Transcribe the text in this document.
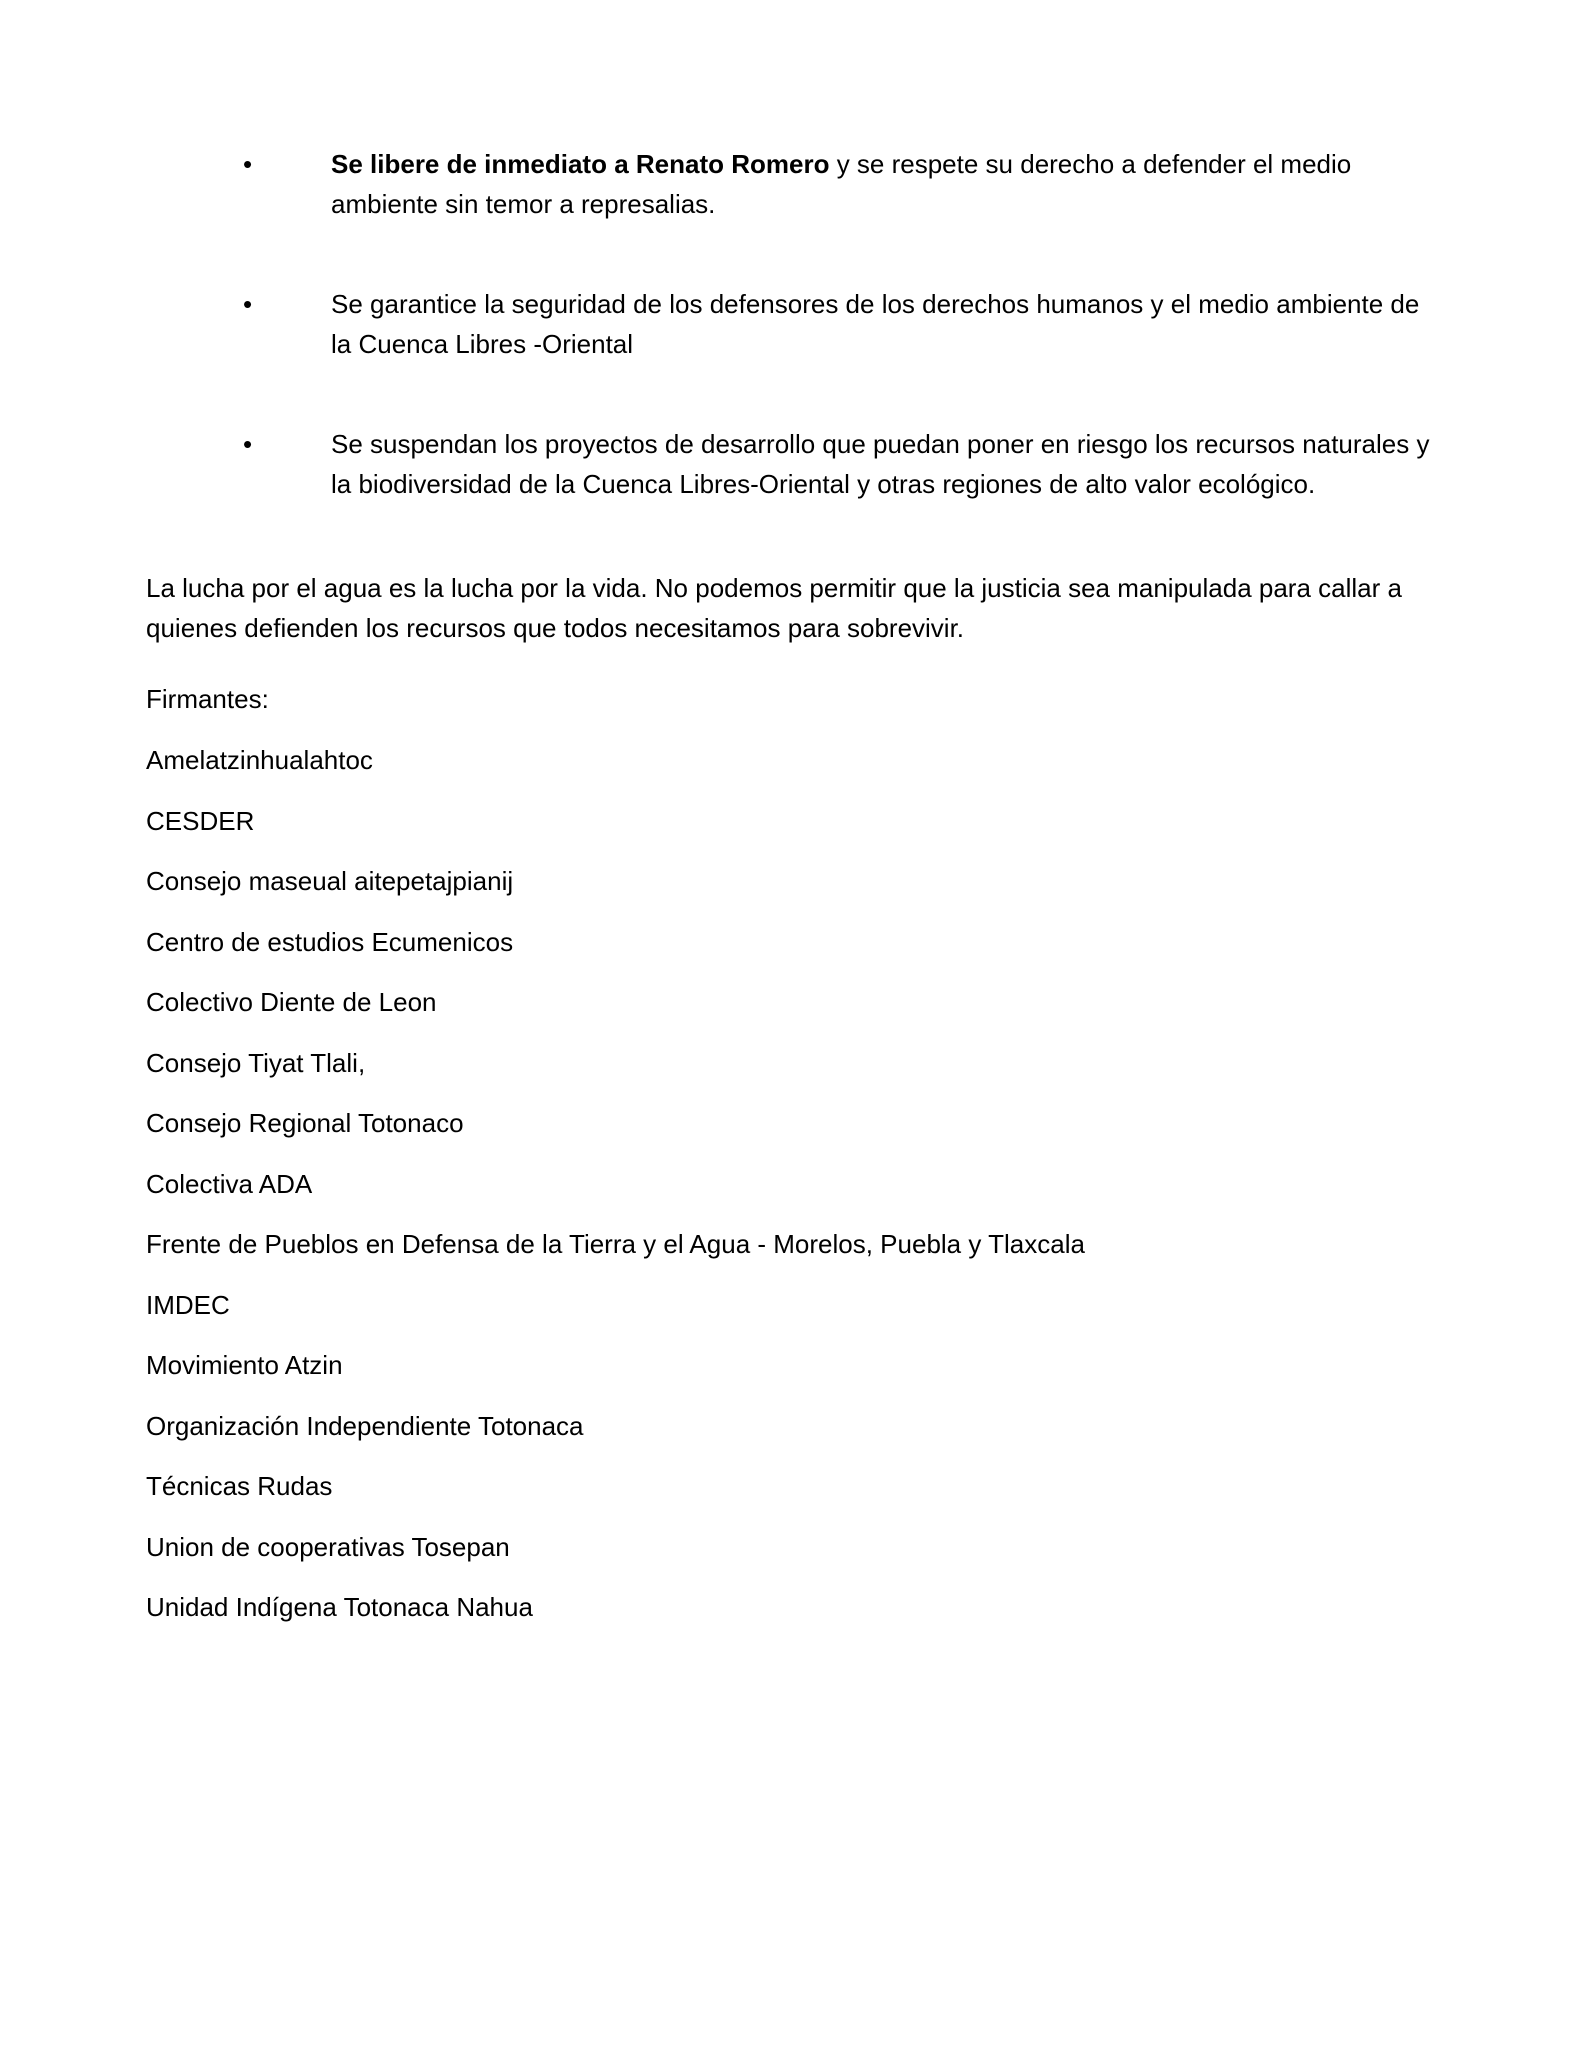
•	Se libere de inmediato a Renato Romero y se respete su derecho a defender el medio ambiente sin temor a represalias.
•	Se garantice la seguridad de los defensores de los derechos humanos y el medio ambiente de la Cuenca Libres -Oriental
•	Se suspendan los proyectos de desarrollo que puedan poner en riesgo los recursos naturales y la biodiversidad de la Cuenca Libres-Oriental y otras regiones de alto valor ecológico.

La lucha por el agua es la lucha por la vida. No podemos permitir que la justicia sea manipulada para callar a quienes defienden los recursos que todos necesitamos para sobrevivir.

Firmantes:

Amelatzinhualahtoc
CESDER
Consejo maseual aitepetajpianij
Centro de estudios Ecumenicos
Colectivo Diente de Leon
Consejo Tiyat Tlali,
Consejo Regional Totonaco
Colectiva ADA
Frente de Pueblos en Defensa de la Tierra y el Agua - Morelos, Puebla y Tlaxcala
IMDEC
Movimiento Atzin
Organización Independiente Totonaca
Técnicas Rudas
Union de cooperativas Tosepan
Unidad Indígena Totonaca Nahua
